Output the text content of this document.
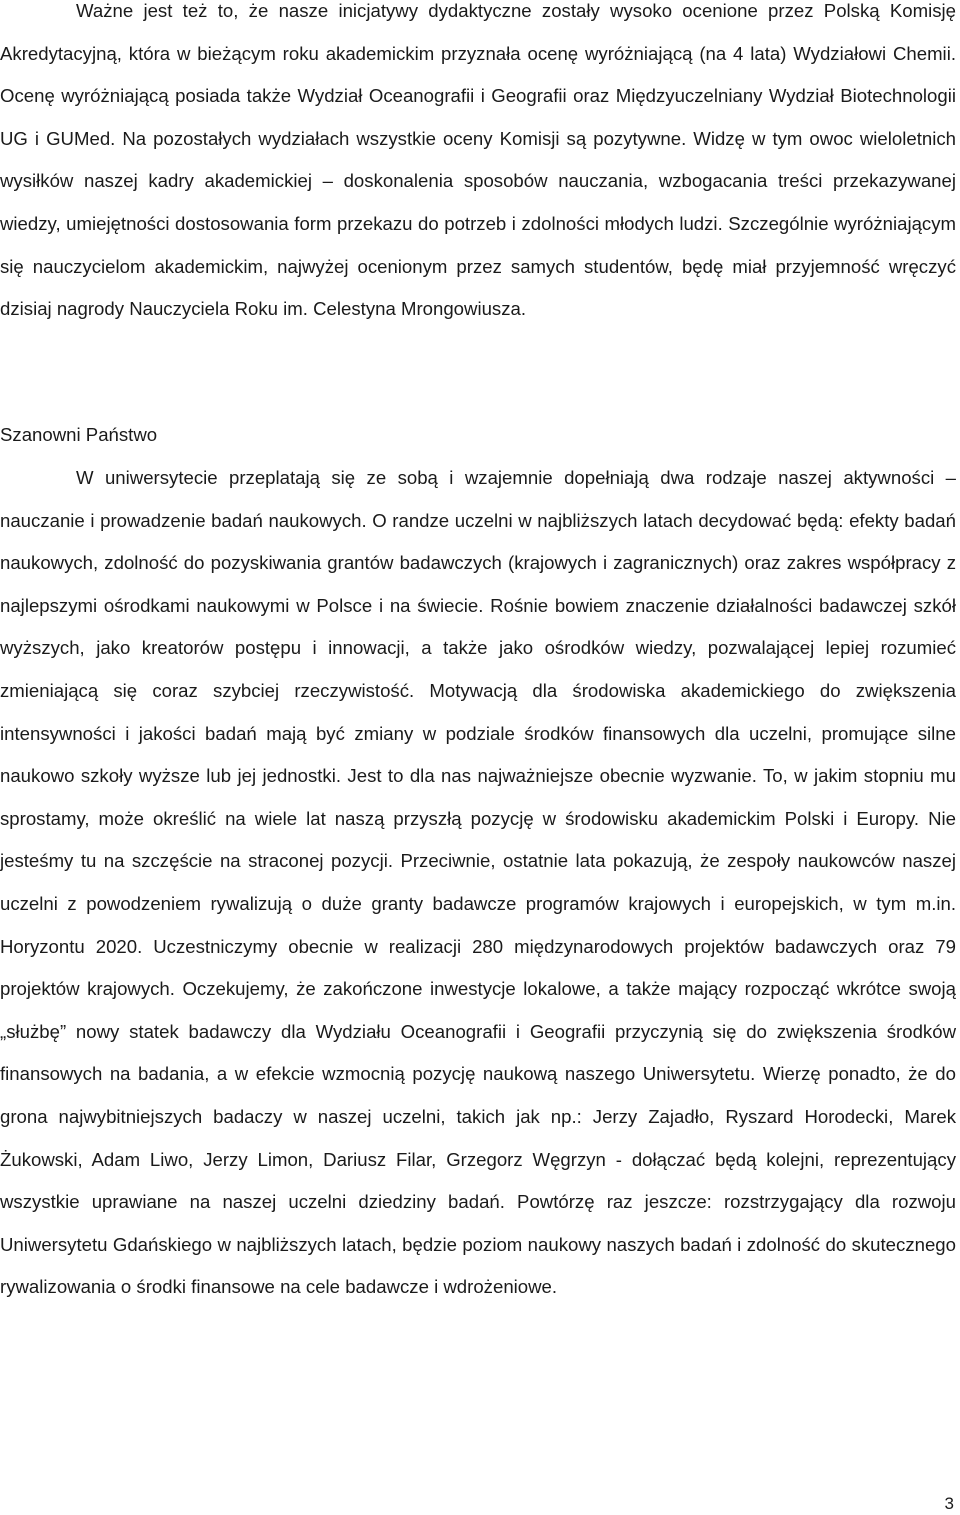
Ważne jest też to, że nasze inicjatywy dydaktyczne zostały wysoko ocenione przez Polską Komisję Akredytacyjną, która w bieżącym roku akademickim przyznała ocenę wyróżniającą (na 4 lata) Wydziałowi Chemii. Ocenę wyróżniającą posiada także Wydział Oceanografii i Geografii oraz Międzyuczelniany Wydział Biotechnologii UG i GUMed. Na pozostałych wydziałach wszystkie oceny Komisji są pozytywne. Widzę w tym owoc wieloletnich wysiłków naszej kadry akademickiej – doskonalenia sposobów nauczania, wzbogacania treści przekazywanej wiedzy, umiejętności dostosowania form przekazu do potrzeb i zdolności młodych ludzi. Szczególnie wyróżniającym się nauczycielom akademickim, najwyżej ocenionym przez samych studentów, będę miał przyjemność wręczyć dzisiaj nagrody Nauczyciela Roku im. Celestyna Mrongowiusza.

Szanowni Państwo

W uniwersytecie przeplatają się ze sobą i wzajemnie dopełniają dwa rodzaje naszej aktywności – nauczanie i prowadzenie badań naukowych. O randze uczelni w najbliższych latach decydować będą: efekty badań naukowych, zdolność do pozyskiwania grantów badawczych (krajowych i zagranicznych) oraz zakres współpracy z najlepszymi ośrodkami naukowymi w Polsce i na świecie. Rośnie bowiem znaczenie działalności badawczej szkół wyższych, jako kreatorów postępu i innowacji, a także jako ośrodków wiedzy, pozwalającej lepiej rozumieć zmieniającą się coraz szybciej rzeczywistość. Motywacją dla środowiska akademickiego do zwiększenia intensywności i jakości badań mają być zmiany w podziale środków finansowych dla uczelni, promujące silne naukowo szkoły wyższe lub jej jednostki. Jest to dla nas najważniejsze obecnie wyzwanie. To, w jakim stopniu mu sprostamy, może określić na wiele lat naszą przyszłą pozycję w środowisku akademickim Polski i Europy. Nie jesteśmy tu na szczęście na straconej pozycji. Przeciwnie, ostatnie lata pokazują, że zespoły naukowców naszej uczelni z powodzeniem rywalizują o duże granty badawcze programów krajowych i europejskich, w tym m.in. Horyzontu 2020. Uczestniczymy obecnie w realizacji 280 międzynarodowych projektów badawczych oraz 79 projektów krajowych. Oczekujemy, że zakończone inwestycje lokalowe, a także mający rozpocząć wkrótce swoją „służbę” nowy statek badawczy dla Wydziału Oceanografii i Geografii przyczynią się do zwiększenia środków finansowych na badania, a w efekcie wzmocnią pozycję naukową naszego Uniwersytetu. Wierzę ponadto, że do grona najwybitniejszych badaczy w naszej uczelni, takich jak np.: Jerzy Zajadło, Ryszard Horodecki, Marek Żukowski, Adam Liwo, Jerzy Limon, Dariusz Filar, Grzegorz Węgrzyn - dołączać będą kolejni, reprezentujący wszystkie uprawiane na naszej uczelni dziedziny badań. Powtórzę raz jeszcze: rozstrzygający dla rozwoju Uniwersytetu Gdańskiego w najbliższych latach, będzie poziom naukowy naszych badań i zdolność do skutecznego rywalizowania o środki finansowe na cele badawcze i wdrożeniowe.

3
